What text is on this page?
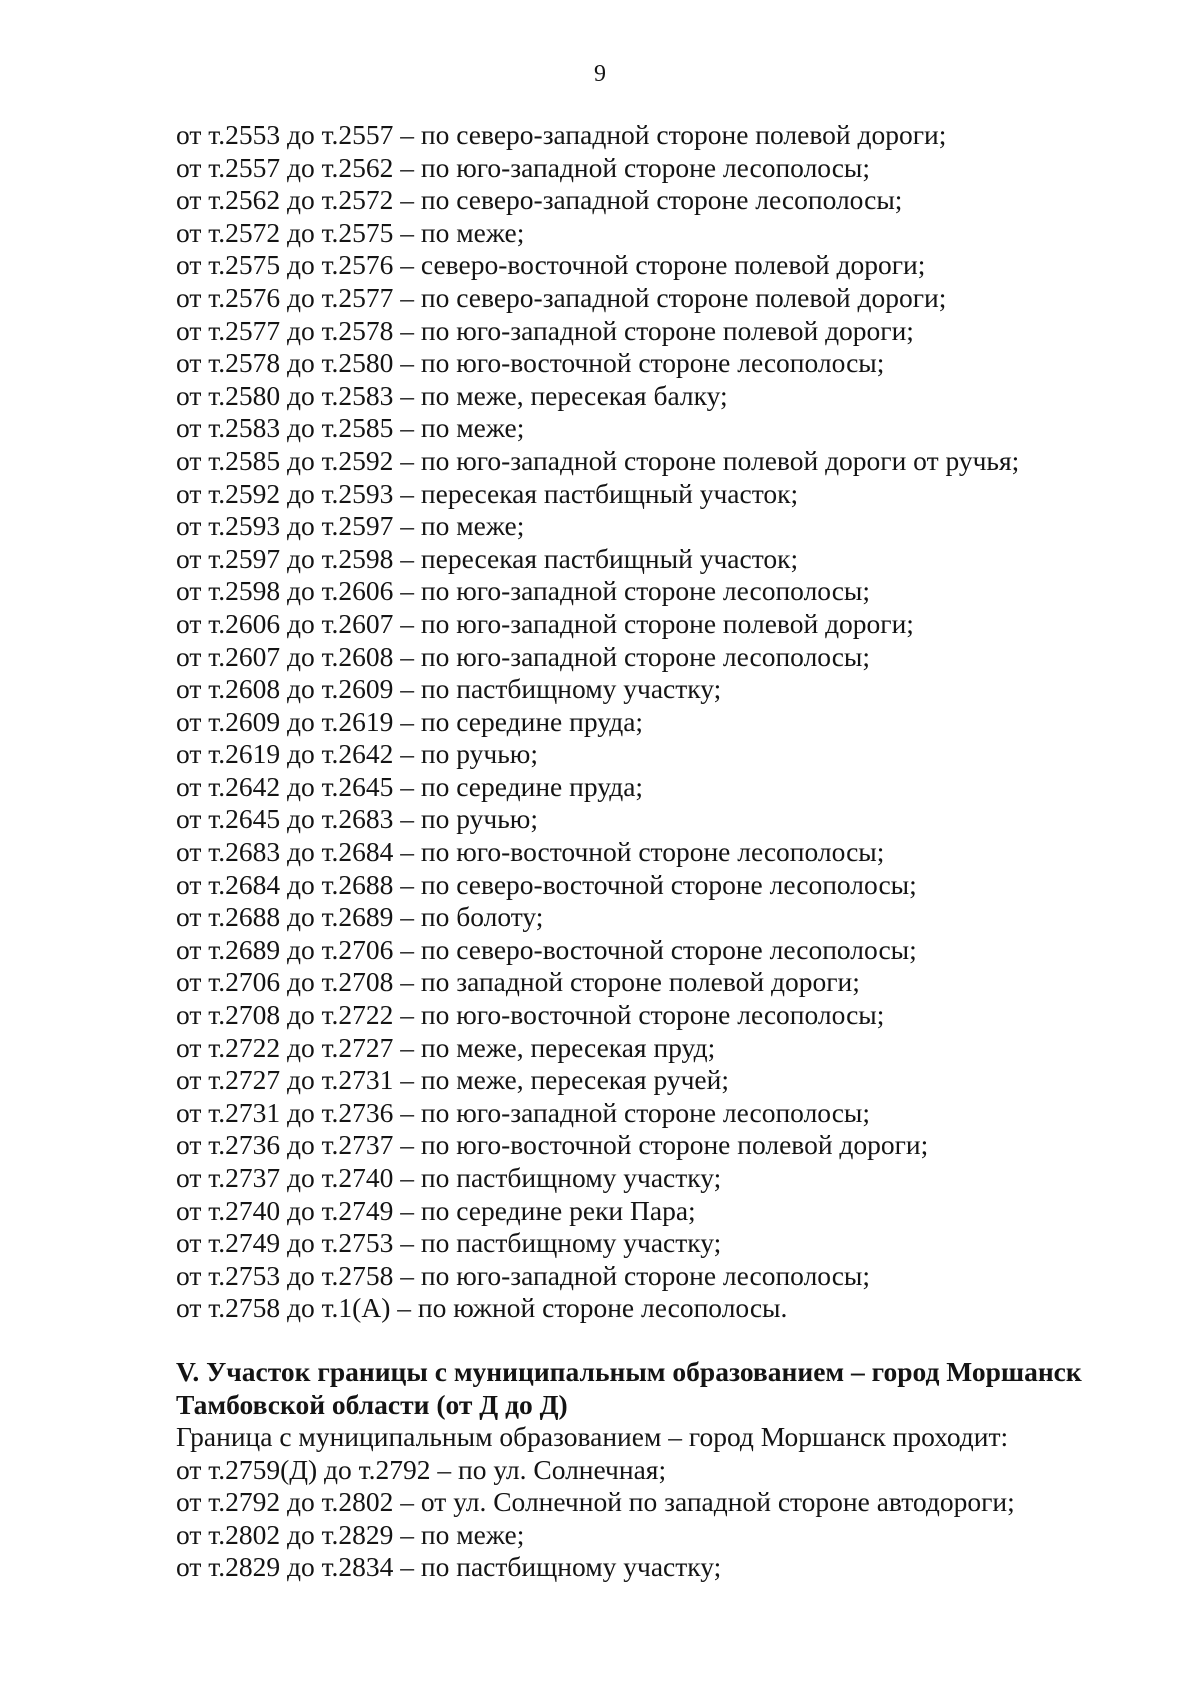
9
от т.2553 до т.2557 – по северо-западной стороне полевой дороги;
от т.2557 до т.2562 – по юго-западной стороне лесополосы;
от т.2562 до т.2572 – по северо-западной стороне лесополосы;
от т.2572 до т.2575 – по меже;
от т.2575 до т.2576 – северо-восточной стороне полевой дороги;
от т.2576 до т.2577 – по северо-западной стороне полевой дороги;
от т.2577 до т.2578 – по юго-западной стороне полевой дороги;
от т.2578 до т.2580 – по юго-восточной стороне лесополосы;
от т.2580 до т.2583 – по меже, пересекая балку;
от т.2583 до т.2585 – по меже;
от т.2585 до т.2592 – по юго-западной стороне полевой дороги от ручья;
от т.2592 до т.2593 – пересекая пастбищный участок;
от т.2593 до т.2597 – по меже;
от т.2597 до т.2598 – пересекая пастбищный участок;
от т.2598 до т.2606 – по юго-западной стороне лесополосы;
от т.2606 до т.2607 – по юго-западной стороне полевой дороги;
от т.2607 до т.2608 – по юго-западной стороне лесополосы;
от т.2608 до т.2609 – по пастбищному участку;
от т.2609 до т.2619 – по середине пруда;
от т.2619 до т.2642 – по ручью;
от т.2642 до т.2645 – по середине пруда;
от т.2645 до т.2683 – по ручью;
от т.2683 до т.2684 – по юго-восточной стороне лесополосы;
от т.2684 до т.2688 – по северо-восточной стороне лесополосы;
от т.2688 до т.2689 – по болоту;
от т.2689 до т.2706 – по северо-восточной стороне лесополосы;
от т.2706 до т.2708 – по западной стороне полевой дороги;
от т.2708 до т.2722 – по юго-восточной стороне лесополосы;
от т.2722 до т.2727 – по меже, пересекая пруд;
от т.2727 до т.2731 – по меже, пересекая ручей;
от т.2731 до т.2736 – по юго-западной стороне лесополосы;
от т.2736 до т.2737 – по юго-восточной стороне полевой дороги;
от т.2737 до т.2740 – по пастбищному участку;
от т.2740 до т.2749 – по середине реки Пара;
от т.2749 до т.2753 – по пастбищному участку;
от т.2753 до т.2758 – по юго-западной стороне лесополосы;
от т.2758 до т.1(А) – по южной стороне лесополосы.
V. Участок границы с муниципальным образованием – город Моршанск
Тамбовской области (от Д до Д)
Граница с муниципальным образованием – город Моршанск проходит:
от т.2759(Д) до т.2792 – по ул. Солнечная;
от т.2792 до т.2802 – от ул. Солнечной по западной стороне автодороги;
от т.2802 до т.2829 – по меже;
от т.2829 до т.2834 – по пастбищному участку;
